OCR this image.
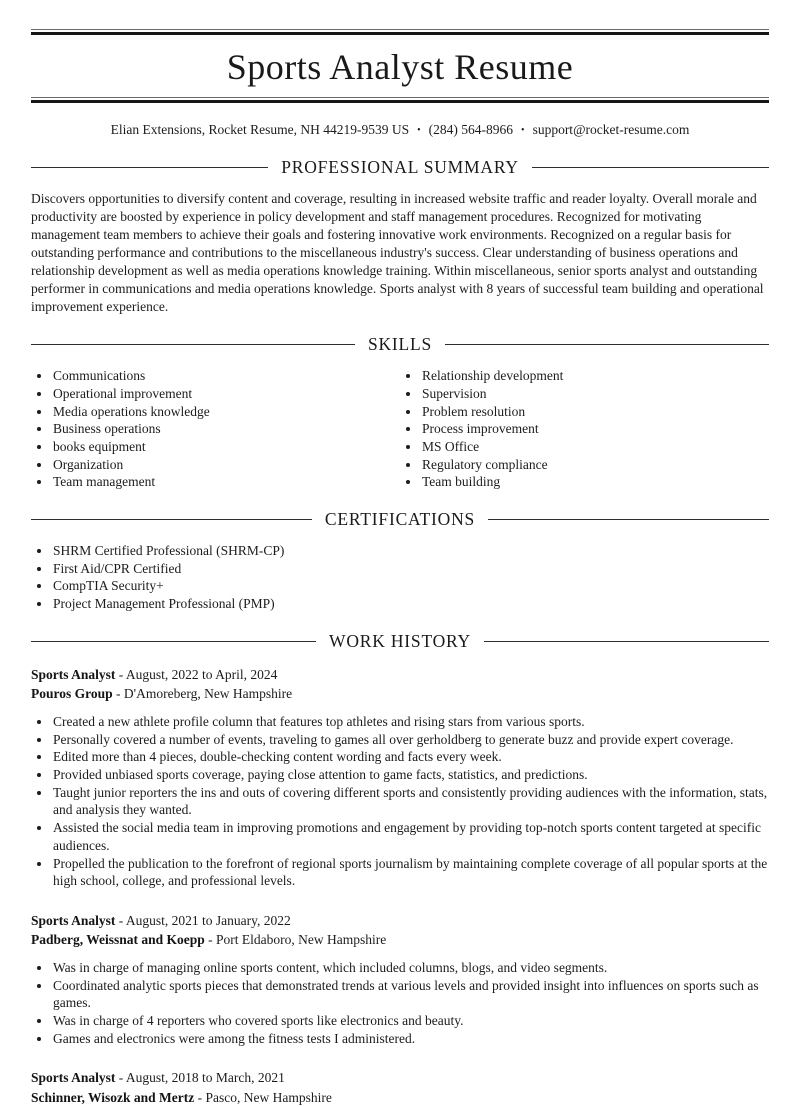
Sports Analyst Resume
Elian Extensions, Rocket Resume, NH 44219-9539 US • (284) 564-8966 • support@rocket-resume.com
PROFESSIONAL SUMMARY

Discovers opportunities to diversify content and coverage, resulting in increased website traffic and reader loyalty. Overall morale and productivity are boosted by experience in policy development and staff management procedures. Recognized for motivating management team members to achieve their goals and fostering innovative work environments. Recognized on a regular basis for outstanding performance and contributions to the miscellaneous industry's success. Clear understanding of business operations and relationship development as well as media operations knowledge training. Within miscellaneous, senior sports analyst and outstanding performer in communications and media operations knowledge. Sports analyst with 8 years of successful team building and operational improvement experience.

SKILLS
• Communications
• Operational improvement
• Media operations knowledge
• Business operations
• books equipment
• Organization
• Team management
• Relationship development
• Supervision
• Problem resolution
• Process improvement
• MS Office
• Regulatory compliance
• Team building
CERTIFICATIONS
• SHRM Certified Professional (SHRM-CP)
• First Aid/CPR Certified
• CompTIA Security+
• Project Management Professional (PMP)
WORK HISTORY
Sports Analyst - August, 2022 to April, 2024
Pouros Group - D'Amoreberg, New Hampshire
• Created a new athlete profile column that features top athletes and rising stars from various sports.
• Personally covered a number of events, traveling to games all over gerholdberg to generate buzz and provide expert coverage.
• Edited more than 4 pieces, double-checking content wording and facts every week.
• Provided unbiased sports coverage, paying close attention to game facts, statistics, and predictions.
• Taught junior reporters the ins and outs of covering different sports and consistently providing audiences with the information, stats, and analysis they wanted.
• Assisted the social media team in improving promotions and engagement by providing top-notch sports content targeted at specific audiences.
• Propelled the publication to the forefront of regional sports journalism by maintaining complete coverage of all popular sports at the high school, college, and professional levels.
Sports Analyst - August, 2021 to January, 2022
Padberg, Weissnat and Koepp - Port Eldaboro, New Hampshire
• Was in charge of managing online sports content, which included columns, blogs, and video segments.
• Coordinated analytic sports pieces that demonstrated trends at various levels and provided insight into influences on sports such as games.
• Was in charge of 4 reporters who covered sports like electronics and beauty.
• Games and electronics were among the fitness tests I administered.
Sports Analyst - August, 2018 to March, 2021
Schinner, Wisozk and Mertz - Pasco, New Hampshire
